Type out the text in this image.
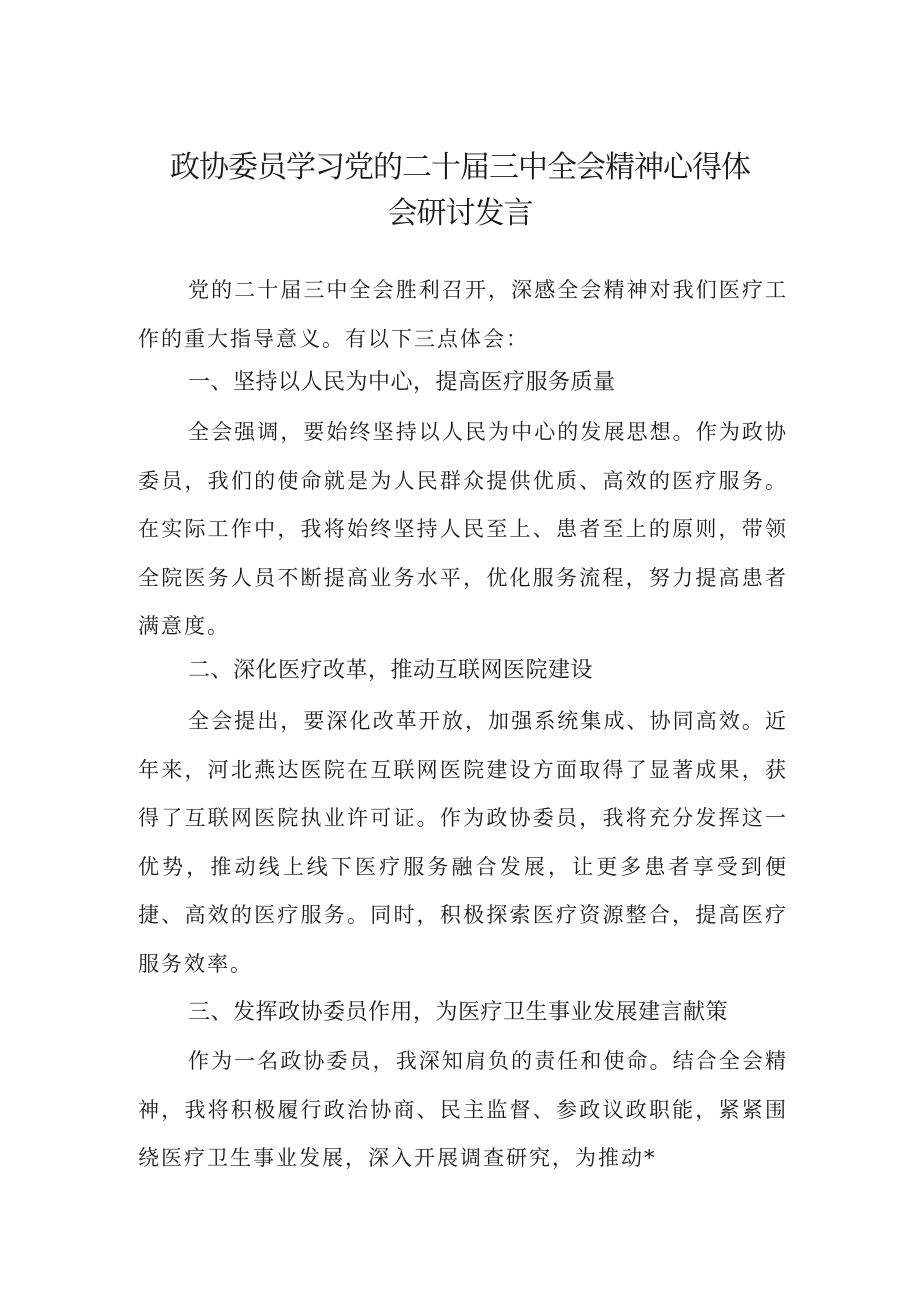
政协委员学习党的二十届三中全会精神心得体
会研讨发言

党的二十届三中全会胜利召开，深感全会精神对我们医疗工作的重大指导意义。有以下三点体会：

一、坚持以人民为中心，提高医疗服务质量

全会强调，要始终坚持以人民为中心的发展思想。作为政协委员，我们的使命就是为人民群众提供优质、高效的医疗服务。在实际工作中，我将始终坚持人民至上、患者至上的原则，带领全院医务人员不断提高业务水平，优化服务流程，努力提高患者满意度。

二、深化医疗改革，推动互联网医院建设

全会提出，要深化改革开放，加强系统集成、协同高效。近年来，河北燕达医院在互联网医院建设方面取得了显著成果，获得了互联网医院执业许可证。作为政协委员，我将充分发挥这一优势，推动线上线下医疗服务融合发展，让更多患者享受到便捷、高效的医疗服务。同时，积极探索医疗资源整合，提高医疗服务效率。

三、发挥政协委员作用，为医疗卫生事业发展建言献策

作为一名政协委员，我深知肩负的责任和使命。结合全会精神，我将积极履行政治协商、民主监督、参政议政职能，紧紧围绕医疗卫生事业发展，深入开展调查研究，为推动*
